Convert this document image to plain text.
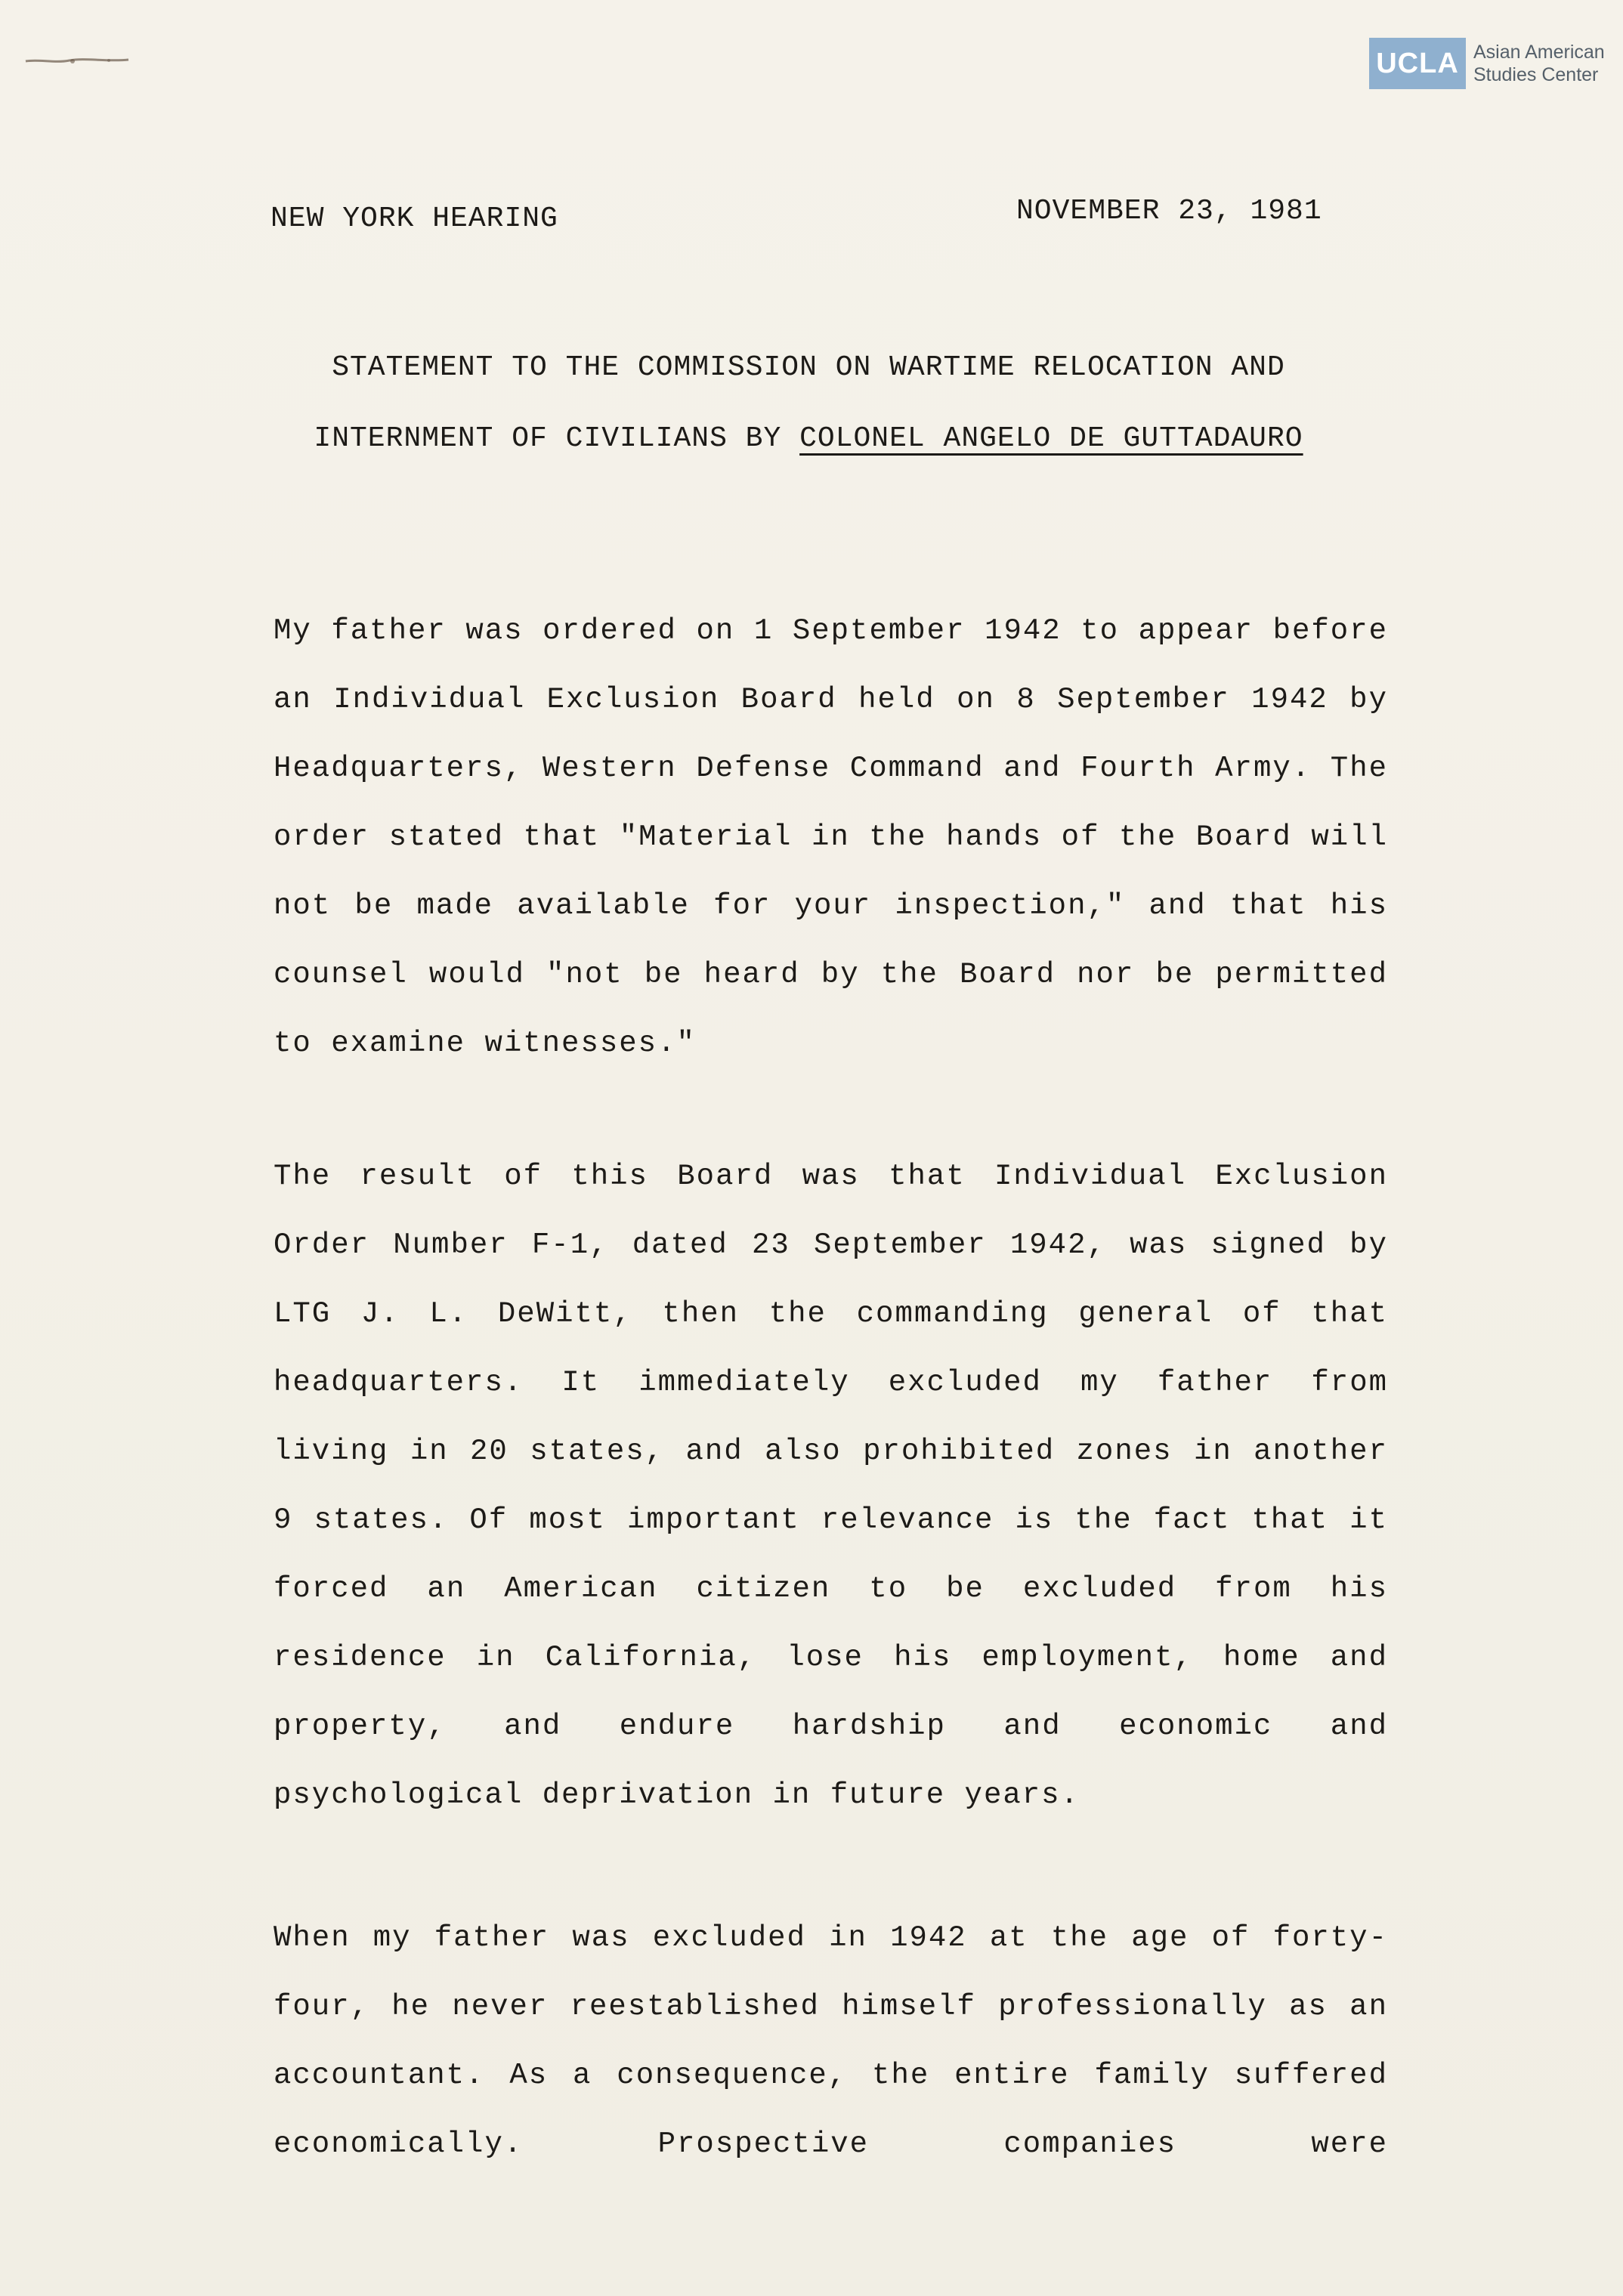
UCLA Asian American
Studies Center
NEW YORK HEARING	NOVEMBER 23, 1981
STATEMENT TO THE COMMISSION ON WARTIME RELOCATION AND
INTERNMENT OF CIVILIANS BY COLONEL ANGELO DE GUTTADAURO
My father was ordered on 1 September 1942 to appear before an Individual Exclusion Board held on 8 September 1942 by Headquarters, Western Defense Command and Fourth Army. The order stated that "Material in the hands of the Board will not be made available for your inspection," and that his counsel would "not be heard by the Board nor be permitted to examine witnesses."
The result of this Board was that Individual Exclusion Order Number F-1, dated 23 September 1942, was signed by LTG J. L. DeWitt, then the commanding general of that headquarters. It immediately excluded my father from living in 20 states, and also prohibited zones in another 9 states. Of most important relevance is the fact that it forced an American citizen to be excluded from his residence in California, lose his employment, home and property, and endure hardship and economic and psychological deprivation in future years.
When my father was excluded in 1942 at the age of forty-four, he never reestablished himself professionally as an accountant. As a consequence, the entire family suffered economically. Prospective companies were
